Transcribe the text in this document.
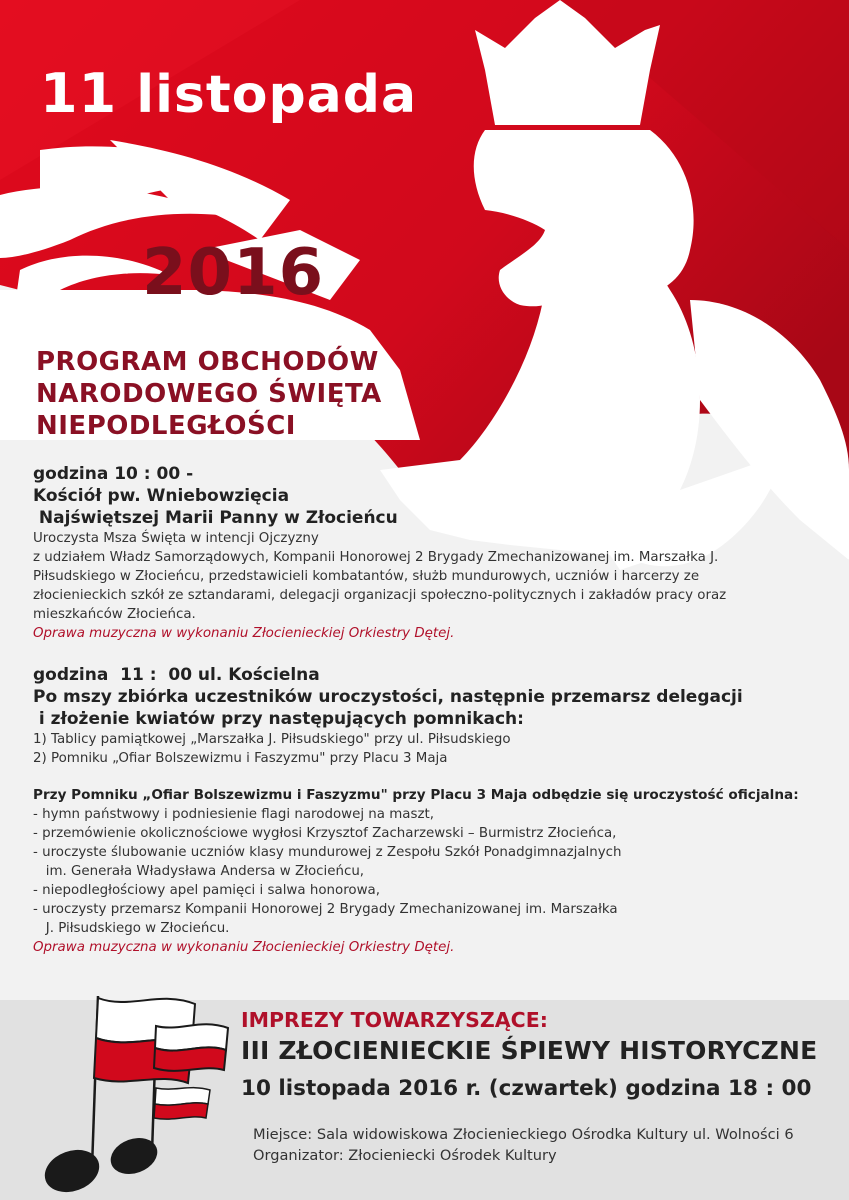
11 listopada
2016
PROGRAM OBCHODÓW
NARODOWEGO ŚWIĘTA
NIEPODLEGŁOŚCI
godzina 10 : 00 -
Kościół pw. Wniebowzięcia
Najświętszej Marii Panny w Złocieńcu
Uroczysta Msza Święta w intencji Ojczyzny
z udziałem Władz Samorządowych, Kompanii Honorowej 2 Brygady Zmechanizowanej im. Marszałka J.
Piłsudskiego w Złocieńcu, przedstawicieli kombatantów, służb mundurowych, uczniów i harcerzy ze
złocienieckich szkół ze sztandarami, delegacji organizacji społeczno-politycznych i zakładów pracy oraz
mieszkańców Złocieńca.
Oprawa muzyczna w wykonaniu Złocienieckiej Orkiestry Dętej.
godzina  11 :  00 ul. Kościelna
Po mszy zbiórka uczestników uroczystości, następnie przemarsz delegacji
i złożenie kwiatów przy następujących pomnikach:
1) Tablicy pamiątkowej „Marszałka J. Piłsudskiego" przy ul. Piłsudskiego
2) Pomniku „Ofiar Bolszewizmu i Faszyzmu" przy Placu 3 Maja
Przy Pomniku „Ofiar Bolszewizmu i Faszyzmu" przy Placu 3 Maja odbędzie się uroczystość oficjalna:
- hymn państwowy i podniesienie flagi narodowej na maszt,
- przemówienie okolicznościowe wygłosi Krzysztof Zacharzewski – Burmistrz Złocieńca,
- uroczyste ślubowanie uczniów klasy mundurowej z Zespołu Szkół Ponadgimnazjalnych
im. Generała Władysława Andersa w Złocieńcu,
- niepodległościowy apel pamięci i salwa honorowa,
- uroczysty przemarsz Kompanii Honorowej 2 Brygady Zmechanizowanej im. Marszałka
J. Piłsudskiego w Złocieńcu.
Oprawa muzyczna w wykonaniu Złocienieckiej Orkiestry Dętej.
IMPREZY TOWARZYSZĄCE:
III ZŁOCIENIECKIE ŚPIEWY HISTORYCZNE
10 listopada 2016 r. (czwartek) godzina 18 : 00
Miejsce: Sala widowiskowa Złocienieckiego Ośrodka Kultury ul. Wolności 6
Organizator: Złocieniecki Ośrodek Kultury
